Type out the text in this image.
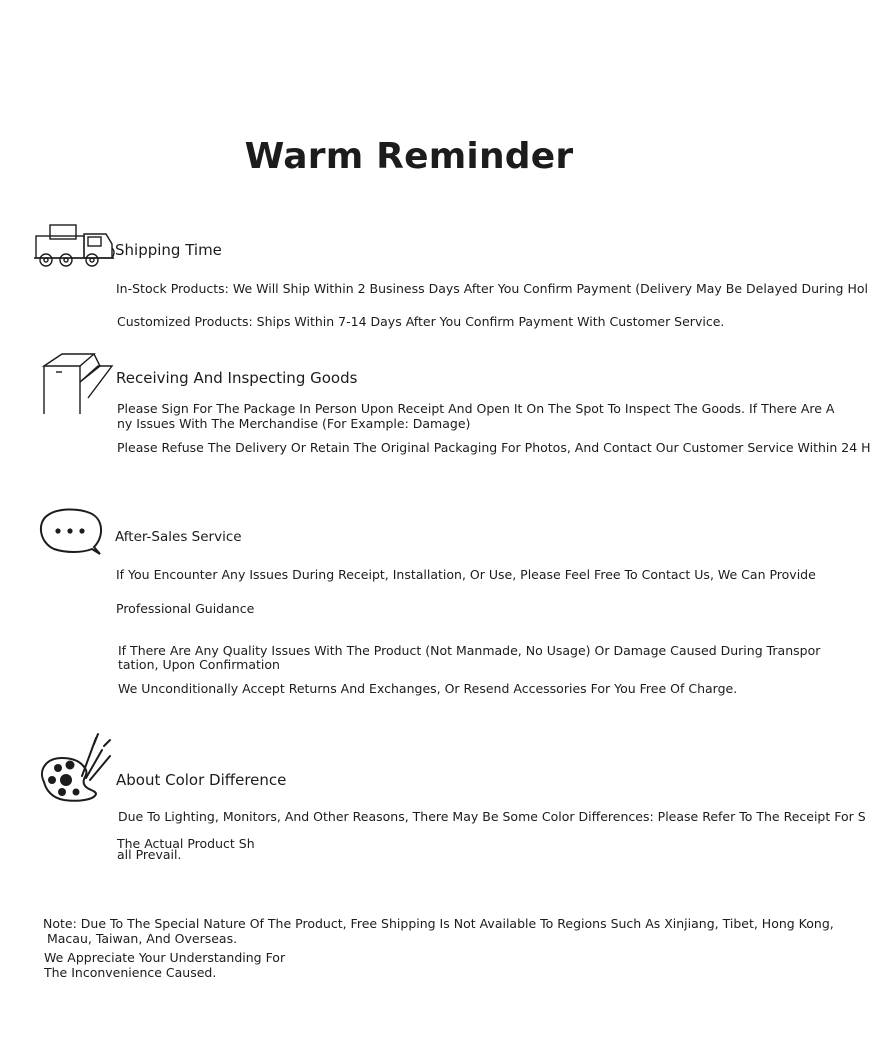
Warm Reminder
Shipping Time

In-Stock Products: We Will Ship Within 2 Business Days After You Confirm Payment (Delivery May Be Delayed During Hol

Customized Products: Ships Within 7-14 Days After You Confirm Payment With Customer Service.

Receiving And Inspecting Goods

Please Sign For The Package In Person Upon Receipt And Open It On The Spot To Inspect The Goods. If There Are A

ny Issues With The Merchandise (For Example: Damage)

Please Refuse The Delivery Or Retain The Original Packaging For Photos, And Contact Our Customer Service Within 24 H

After-Sales Service

If You Encounter Any Issues During Receipt, Installation, Or Use, Please Feel Free To Contact Us, We Can Provide

Professional Guidance

If There Are Any Quality Issues With The Product (Not Manmade, No Usage) Or Damage Caused During Transpor

tation, Upon Confirmation

We Unconditionally Accept Returns And Exchanges, Or Resend Accessories For You Free Of Charge.

About Color Difference

Due To Lighting, Monitors, And Other Reasons, There May Be Some Color Differences: Please Refer To The Receipt For S

The Actual Product Sh

all Prevail.

Note: Due To The Special Nature Of The Product, Free Shipping Is Not Available To Regions Such As Xinjiang, Tibet, Hong Kong,

Macau, Taiwan, And Overseas.

We Appreciate Your Understanding For

The Inconvenience Caused.
